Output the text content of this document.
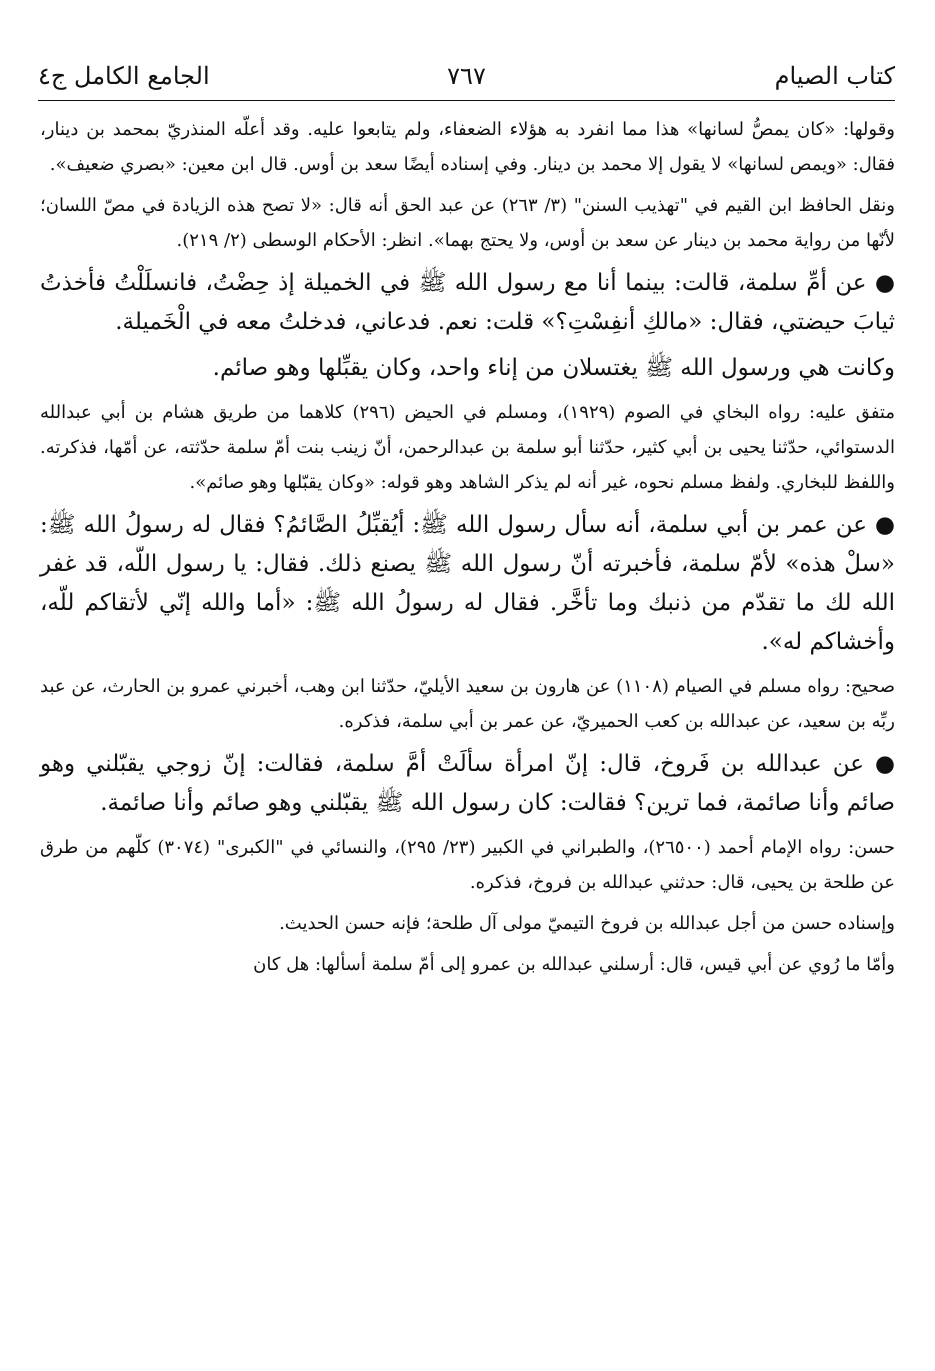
كتاب الصيام
٧٦٧
الجامع الكامل ج٤

وقولها: «كان يمصُّ لسانها» هذا مما انفرد به هؤلاء الضعفاء، ولم يتابعوا عليه. وقد أعلّه المنذريّ بمحمد بن دينار، فقال: «ويمص لسانها» لا يقول إلا محمد بن دينار. وفي إسناده أيضًا سعد بن أوس. قال ابن معين: «بصري ضعيف».

ونقل الحافظ ابن القيم في "تهذيب السنن" (٣/ ٢٦٣) عن عبد الحق أنه قال: «لا تصح هذه الزيادة في مصّ اللسان؛ لأنّها من رواية محمد بن دينار عن سعد بن أوس، ولا يحتج بهما». انظر: الأحكام الوسطى (٢/ ٢١٩).

● عن أمِّ سلمة، قالت: بينما أنا مع رسول الله ﷺ في الخميلة إذ حِضْتُ، فانسلَلْتُ فأخذتُ ثيابَ حيضتي، فقال: «مالكِ أنفِسْتِ؟» قلت: نعم. فدعاني، فدخلتُ معه في الْخَميلة.

وكانت هي ورسول الله ﷺ يغتسلان من إناء واحد، وكان يقبِّلها وهو صائم.

متفق عليه: رواه البخاي في الصوم (١٩٢٩)، ومسلم في الحيض (٢٩٦) كلاهما من طريق هشام بن أبي عبدالله الدستوائي، حدّثنا يحيى بن أبي كثير، حدّثنا أبو سلمة بن عبدالرحمن، أنّ زينب بنت أمّ سلمة حدّثته، عن أمّها، فذكرته. واللفظ للبخاري. ولفظ مسلم نحوه، غير أنه لم يذكر الشاهد وهو قوله: «وكان يقبّلها وهو صائم».

● عن عمر بن أبي سلمة، أنه سأل رسول الله ﷺ: أيُقبِّلُ الصَّائمُ؟ فقال له رسولُ الله ﷺ: «سلْ هذه» لأمّ سلمة، فأخبرته أنّ رسول الله ﷺ يصنع ذلك. فقال: يا رسول اللّه، قد غفر الله لك ما تقدّم من ذنبك وما تأخَّر. فقال له رسولُ الله ﷺ: «أما والله إنّي لأتقاكم للّه، وأخشاكم له».

صحيح: رواه مسلم في الصيام (١١٠٨) عن هارون بن سعيد الأيليّ، حدّثنا ابن وهب، أخبرني عمرو بن الحارث، عن عبد ربِّه بن سعيد، عن عبدالله بن كعب الحميريّ، عن عمر بن أبي سلمة، فذكره.

● عن عبدالله بن فَروخ، قال: إنّ امرأة سألَتْ أمَّ سلمة، فقالت: إنّ زوجي يقبّلني وهو صائم وأنا صائمة، فما ترين؟ فقالت: كان رسول الله ﷺ يقبّلني وهو صائم وأنا صائمة.

حسن: رواه الإمام أحمد (٢٦٥٠٠)، والطبراني في الكبير (٢٣/ ٢٩٥)، والنسائي في "الكبرى" (٣٠٧٤) كلّهم من طرق عن طلحة بن يحيى، قال: حدثني عبدالله بن فروخ، فذكره.

وإسناده حسن من أجل عبدالله بن فروخ التيميّ مولى آل طلحة؛ فإنه حسن الحديث.

وأمّا ما رُوي عن أبي قيس، قال: أرسلني عبدالله بن عمرو إلى أمّ سلمة أسألها: هل كان
